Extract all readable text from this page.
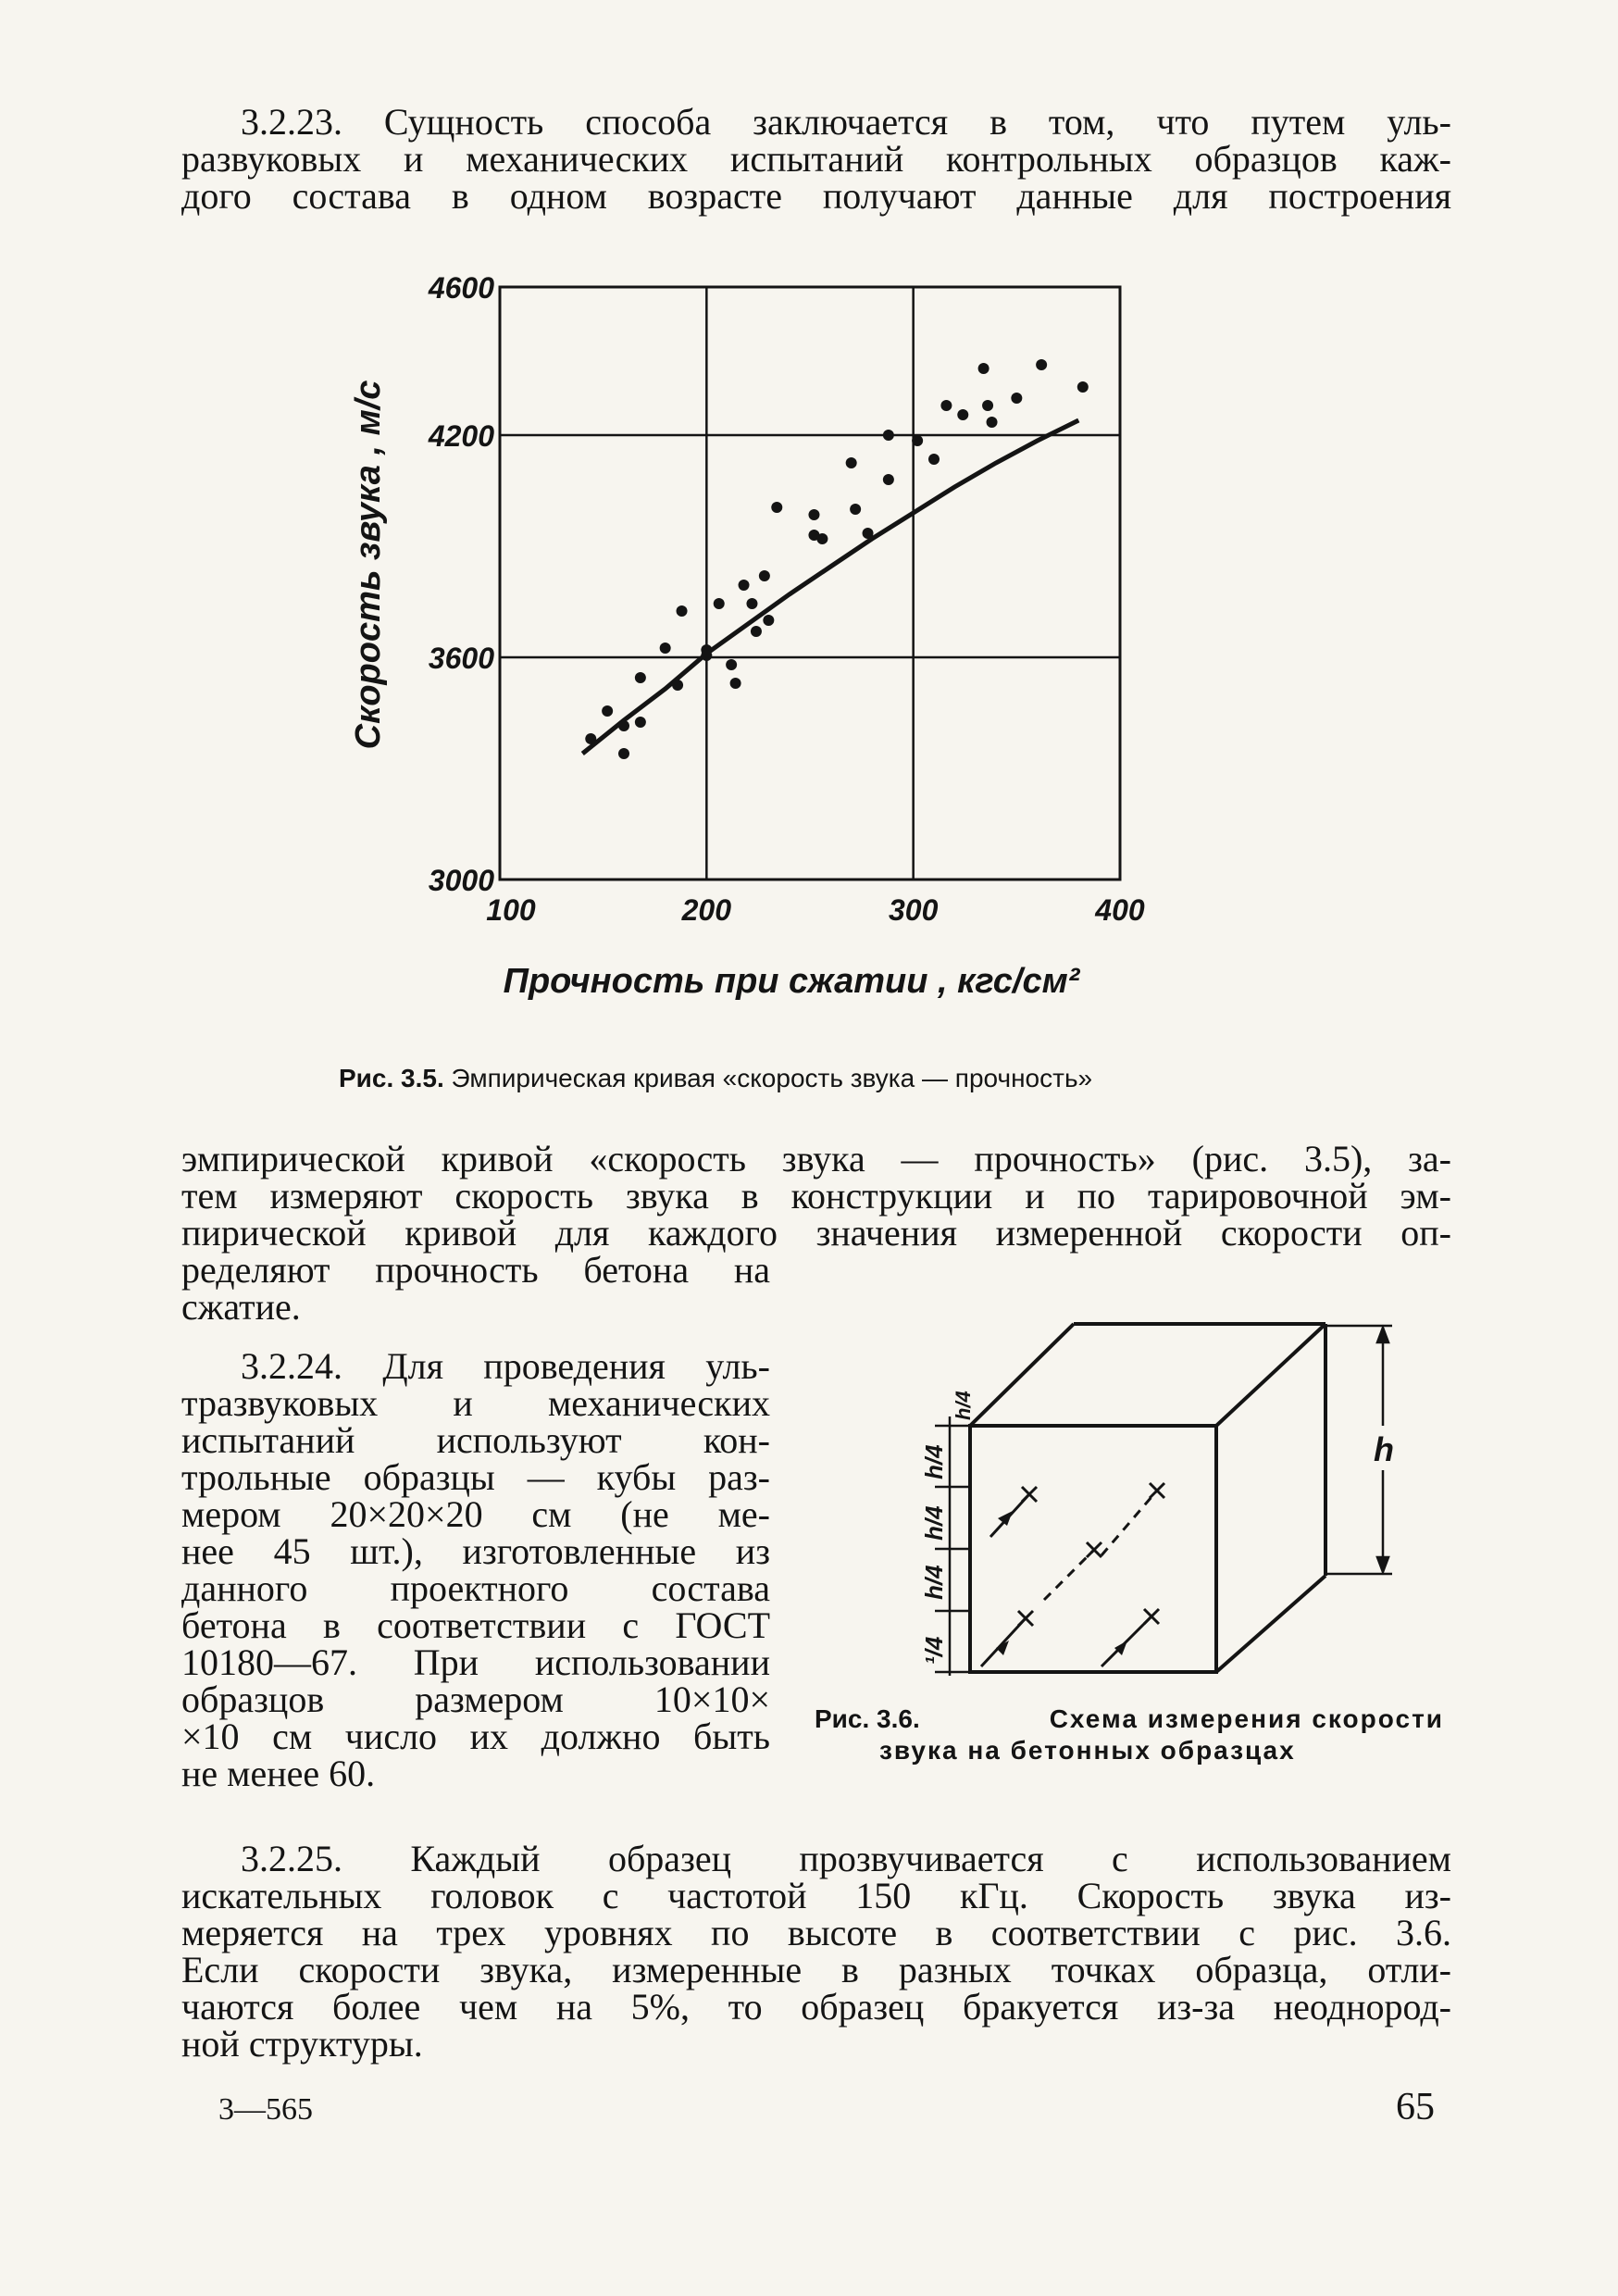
3.2.23. Сущность способа заключается в том, что путем уль-
развуковых и механических испытаний контрольных образцов каж-
дого состава в одном возрасте получают данные для построения
100	200	300	400
3000
3600
4200
4600
Прочность при сжатии , кгс/см²
Скорость звука , м/с
Рис. 3.5. Эмпирическая кривая «скорость звука — прочность»
эмпирической кривой «скорость звука — прочность» (рис. 3.5), за-
тем измеряют скорость звука в конструкции и по тарировочной эм-
пирической кривой для каждого значения измеренной скорости оп-
ределяют прочность бетона на
сжатие.
3.2.24. Для проведения уль-
тразвуковых и механических
испытаний используют кон-
трольные образцы — кубы раз-
мером 20×20×20 см (не ме-
нее 45 шт.), изготовленные из
данного проектного состава
бетона в соответствии с ГОСТ
10180—67. При использовании
образцов размером 10×10×
×10 см число их должно быть
не менее 60.
h
h/4
h/4
h/4
¹/4
h/4
Рис. 3.6.	Схема измерения скорости
звука на бетонных образцах
3.2.25. Каждый образец прозвучивается с использованием
искательных головок с частотой 150 кГц. Скорость звука из-
меряется на трех уровнях по высоте в соответствии с рис. 3.6.
Если скорости звука, измеренные в разных точках образца, отли-
чаются более чем на 5%, то образец бракуется из-за неоднород-
ной структуры.
3—565	65
